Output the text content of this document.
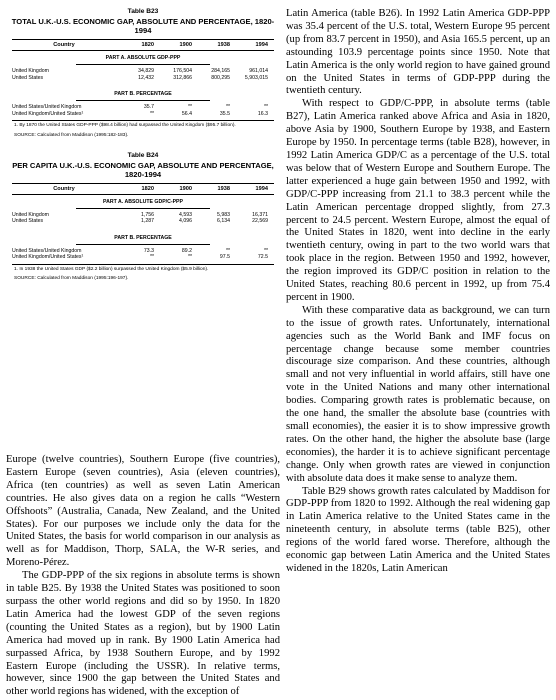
Table B23
TOTAL U.K.-U.S. ECONOMIC GAP, ABSOLUTE AND PERCENTAGE, 1820-1994
Country	1820	1900	1938	1994
PART A. ABSOLUTE GDP-PPP
United Kingdom	34,829	176,504	284,165	961,014
United States	12,432	312,866	800,295	5,903,015
PART B. PERCENTAGE
United States/United Kingdom	35.7	**	**	**
United Kingdom/United States¹	**	56.4	35.5	16.3
1. By 1870 the United States GDP-PPP ($98.4 billion) had surpassed the United Kingdom ($95.7 billion).
SOURCE: Calculated from Maddison (1995:182-183).
Table B24
PER CAPITA U.K.-U.S. ECONOMIC GAP, ABSOLUTE AND PERCENTAGE, 1820-1994
Country	1820	1900	1938	1994
PART A. ABSOLUTE GDP/C-PPP
United Kingdom	1,756	4,593	5,983	16,371
United States	1,287	4,096	6,134	22,569
PART B. PERCENTAGE
United States/United Kingdom	73.3	89.2	**	**
United Kingdom/United States¹	**	**	97.5	72.5
1. In 1938 the United States GDP ($2.2 billion) surpassed the United Kingdom ($5.9 billion).
SOURCE: Calculated from Maddison (1995:196-197).

Europe (twelve countries), Southern Europe (five countries), Eastern Europe (seven countries), Asia (eleven countries), Africa (ten countries) as well as seven Latin American countries. He also gives data on a region he calls “Western Offshoots” (Australia, Canada, New Zealand, and the United States). For our purposes we include only the data for the United States, the basis for world comparison in our analysis as well as for Maddison, Thorp, SALA, the W-R series, and Moreno-Pérez.

The GDP-PPP of the six regions in absolute terms is shown in table B25. By 1938 the United States was positioned to soon surpass the other world regions and did so by 1950. In 1820 Latin America had the lowest GDP of the seven regions (counting the United States as a region), but by 1900 Latin America had moved up in rank. By 1900 Latin America had surpassed Africa, by 1938 Southern Europe, and by 1992 Eastern Europe (including the USSR). In relative terms, however, since 1900 the gap between the United States and other world regions has widened, with the exception of

Latin America (table B26). In 1992 Latin America GDP-PPP was 35.4 percent of the U.S. total, Western Europe 95 percent (up from 83.7 percent in 1950), and Asia 165.5 percent, up an astounding 103.9 percentage points since 1950. Note that Latin America is the only world region to have gained ground on the United States in terms of GDP-PPP during the twentieth century.

With respect to GDP/C-PPP, in absolute terms (table B27), Latin America ranked above Africa and Asia in 1820, above Asia by 1900, Southern Europe by 1938, and Eastern Europe by 1950. In percentage terms (table B28), however, in 1992 Latin America GDP/C as a percentage of the U.S. total was below that of Western Europe and Southern Europe. The latter experienced a huge gain between 1950 and 1992, with GDP/C-PPP increasing from 21.1 to 38.3 percent while the Latin American percentage dropped slightly, from 27.3 percent to 24.5 percent. Western Europe, almost the equal of the United States in 1820, went into decline in the early twentieth century, owing in part to the two world wars that took place in the region. Between 1950 and 1992, however, the region improved its GDP/C position in relation to the United States, reaching 80.6 percent in 1992, up from 75.4 percent in 1900.

With these comparative data as background, we can turn to the issue of growth rates. Unfortunately, international agencies such as the World Bank and IMF focus on percentage change because some member countries discourage size comparison. And these countries, although small and not very influential in world affairs, still have one vote in the United Nations and many other international bodies. Comparing growth rates is problematic because, on the one hand, the smaller the absolute base (countries with small economies), the easier it is to show impressive growth rates. On the other hand, the higher the absolute base (large economies), the harder it is to achieve significant percentage change. Only when growth rates are viewed in conjunction with absolute data does it make sense to analyze them.

Table B29 shows growth rates calculated by Maddison for GDP-PPP from 1820 to 1992. Although the real widening gap in Latin America relative to the United States came in the nineteenth century, in absolute terms (table B25), other regions of the world fared worse. Therefore, although the economic gap between Latin America and the United States widened in the 1820s, Latin American
